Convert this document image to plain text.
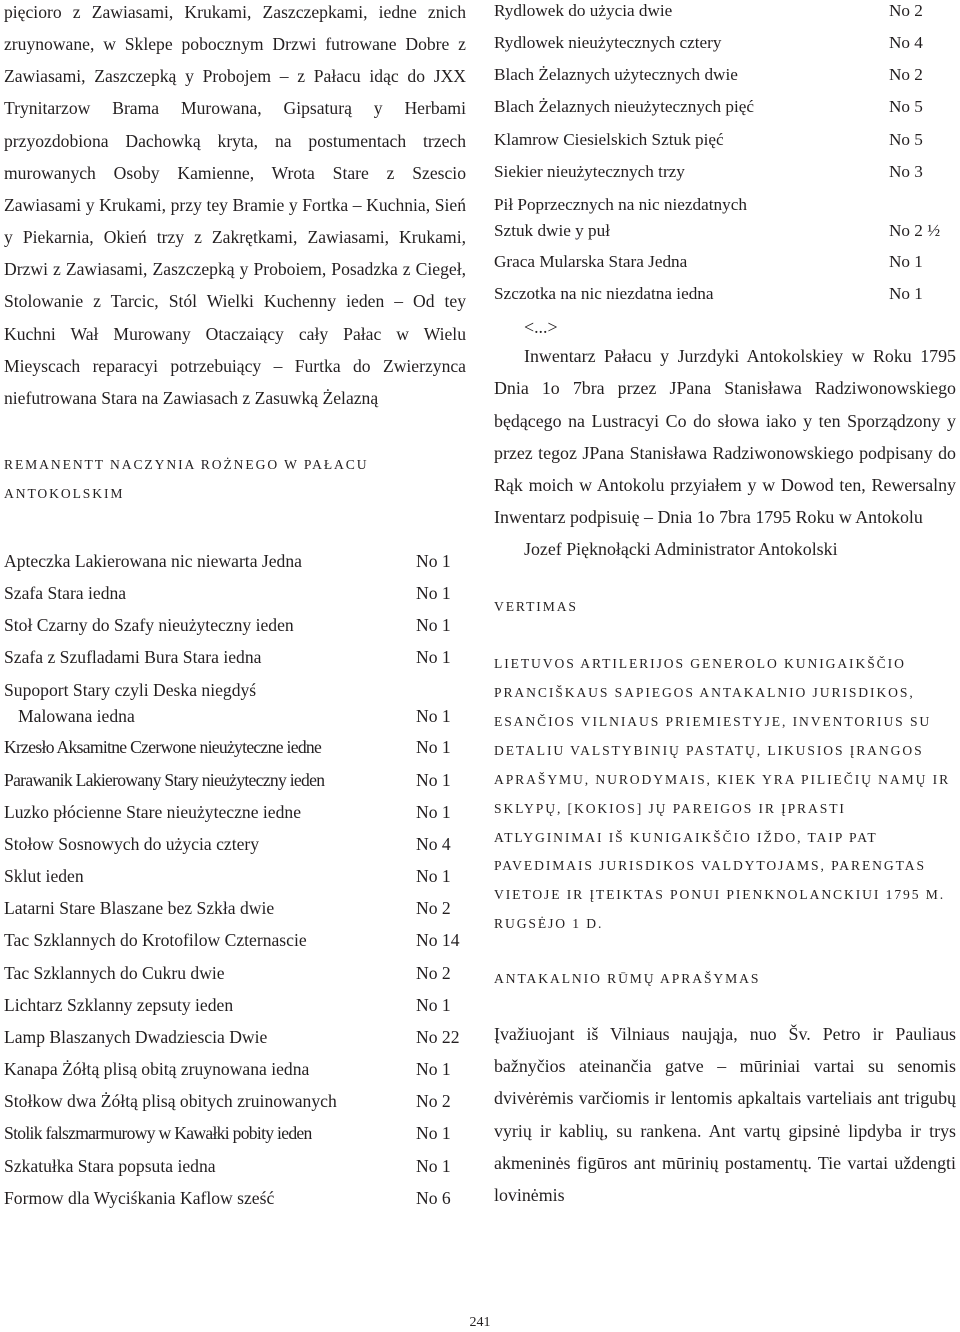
pięcioro z Zawiasami, Krukami, Zaszczepkami, iedne znich zruynowane, w Sklepe pobocznym Drzwi futrowane Dobre z Zawiasami, Zaszczepką y Probojem – z Pałacu idąc do JXX Trynitarzow Brama Murowana, Gipsaturą y Herbami przyozdobiona Dachowką kryta, na postumentach trzech murowanych Osoby Kamienne, Wrota Stare z Szescio Zawiasami y Krukami, przy tey Bramie y Fortka – Kuchnia, Sień y Piekarnia, Okień trzy z Zakrętkami, Zawiasami, Krukami, Drzwi z Zawiasami, Zaszczepką y Proboiem, Posadzka z Ciegeł, Stolowanie z Tarcic, Stól Wielki Kuchenny ieden – Od tey Kuchni Wał Murowany Otaczaiący cały Pałac w Wielu Mieyscach reparacyi potrzebuiący – Furtka do Zwierzynca niefutrowana Stara na Zawiasach z Zasuwką Żelazną

REMANENTT NACZYNIA ROŻNEGO W PAŁACU ANTOKOLSKIM

Apteczka Lakierowana nic niewarta Jedna	No 1
Szafa Stara iedna	No 1
Stoł Czarny do Szafy nieużyteczny ieden	No 1
Szafa z Szufladami Bura Stara iedna	No 1
Supoport Stary czyli Deska niegdyś
Malowana iedna	No 1
Krzesło Aksamitne Czerwone nieużyteczne iedne	No 1
Parawanik Lakierowany Stary nieużyteczny ieden	No 1
Luzko płócienne Stare nieużyteczne iedne	No 1
Stołow Sosnowych do użycia cztery	No 4
Sklut ieden	No 1
Latarni Stare Blaszane bez Szkła dwie	No 2
Tac Szklannych do Krotofilow Czternascie	No 14
Tac Szklannych do Cukru dwie	No 2
Lichtarz Szklanny zepsuty ieden	No 1
Lamp Blaszanych Dwadziescia Dwie	No 22
Kanapa Żółtą plisą obitą zruynowana iedna	No 1
Stołkow dwa Żółtą plisą obitych zruinowanych	No 2
Stolik falszmarmurowy w Kawałki pobity ieden	No 1
Szkatułka Stara popsuta iedna	No 1
Formow dla Wyciśkania Kaflow sześć	No 6
Rydlowek do użycia dwie	No 2
Rydlowek nieużytecznych cztery	No 4
Blach Żelaznych użytecznych dwie	No 2
Blach Żelaznych nieużytecznych pięć	No 5
Klamrow Ciesielskich Sztuk pięć	No 5
Siekier nieużytecznych trzy	No 3
Pił Poprzecznych na nic niezdatnych
Sztuk dwie y puł	No 2 ½
Graca Mularska Stara Jedna	No 1
Szczotka na nic niezdatna iedna	No 1

<...>

Inwentarz Pałacu y Jurzdyki Antokolskiey w Roku 1795 Dnia 1o 7bra przez JPana Stanisława Radziwonowskiego będącego na Lustracyi Co do słowa iako y ten Sporządzony y przez tegoz JPana Stanisława Radziwonowskiego podpisany do Rąk moich w Antokolu przyiałem y w Dowod ten, Rewersalny Inwentarz podpisuię – Dnia 1o 7bra 1795 Roku w Antokolu

Jozef Pięknołącki Administrator Antokolski

VERTIMAS

LIETUVOS ARTILERIJOS GENEROLO KUNIGAIKŠČIO PRANCIŠKAUS SAPIEGOS ANTAKALNIO JURISDIKOS, ESANČIOS VILNIAUS PRIEMIESTYJE, INVENTORIUS SU DETALIU VALSTYBINIŲ PASTATŲ, LIKUSIOS ĮRANGOS APRAŠYMU, NURODYMAIS, KIEK YRA PILIEČIŲ NAMŲ IR SKLYPŲ, [KOKIOS] JŲ PAREIGOS IR ĮPRASTI ATLYGINIMAI IŠ KUNIGAIKŠČIO IŽDO, TAIP PAT PAVEDIMAIS JURISDIKOS VALDYTOJAMS, PARENGTAS VIETOJE IR ĮTEIKTAS PONUI PIENKNOLANCKIUI 1795 M. RUGSĖJO 1 D.

ANTAKALNIO RŪMŲ APRAŠYMAS

Įvažiuojant iš Vilniaus naująja, nuo Šv. Petro ir Pauliaus bažnyčios ateinančia gatve – mūriniai vartai su senomis dvivėrėmis varčiomis ir lentomis apkaltais varteliais ant trigubų vyrių ir kablių, su rankena. Ant vartų gipsinė lipdyba ir trys akmeninės figūros ant mūrinių postamentų. Tie vartai uždengti lovinėmis

241
